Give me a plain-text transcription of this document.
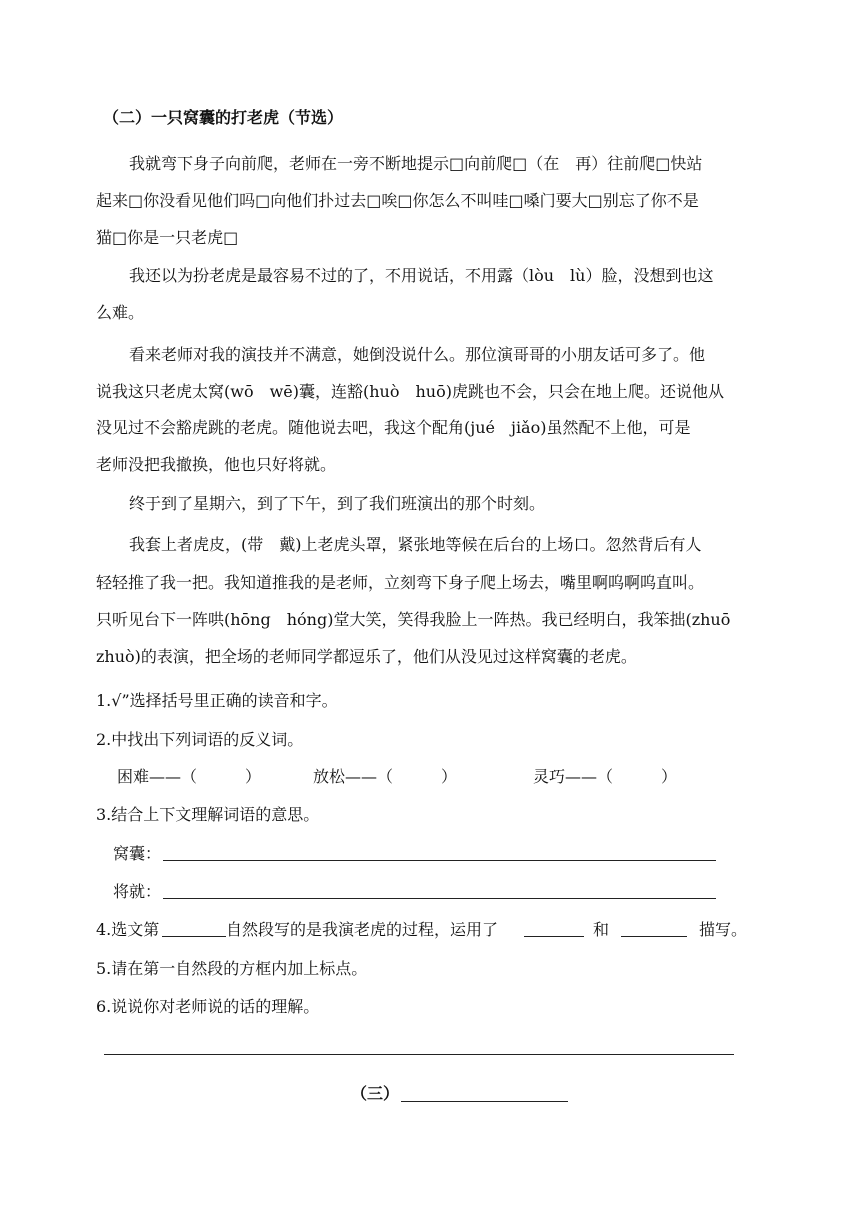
（二）一只窝囊的打老虎（节选）
我就弯下身子向前爬，老师在一旁不断地提示□向前爬□（在　再）往前爬□快站
起来□你没看见他们吗□向他们扑过去□唉□你怎么不叫哇□嗓门要大□别忘了你不是
猫□你是一只老虎□
我还以为扮老虎是最容易不过的了，不用说话，不用露（lòu　lù）脸，没想到也这
么难。
看来老师对我的演技并不满意，她倒没说什么。那位演哥哥的小朋友话可多了。他
说我这只老虎太窝(wō　wē)囊，连豁(huò　huō)虎跳也不会，只会在地上爬。还说他从
没见过不会豁虎跳的老虎。随他说去吧，我这个配角(jué　jiǎo)虽然配不上他，可是
老师没把我撤换，他也只好将就。
终于到了星期六，到了下午，到了我们班演出的那个时刻。
我套上者虎皮，(带　戴)上老虎头罩，紧张地等候在后台的上场口。忽然背后有人
轻轻推了我一把。我知道推我的是老师，立刻弯下身子爬上场去，嘴里啊呜啊呜直叫。
只听见台下一阵哄(hōng　hóng)堂大笑，笑得我脸上一阵热。我已经明白，我笨拙(zhuō
zhuò)的表演，把全场的老师同学都逗乐了，他们从没见过这样窝囊的老虎。
1.√”选择括号里正确的读音和字。
2.中找出下列词语的反义词。
困难——（　　　）	放松——（　　　）	灵巧——（　　　）
3.结合上下文理解词语的意思。
窝囊：
将就：
4.选文第	自然段写的是我演老虎的过程，运用了	和	描写。
5.请在第一自然段的方框内加上标点。
6.说说你对老师说的话的理解。
（三）
